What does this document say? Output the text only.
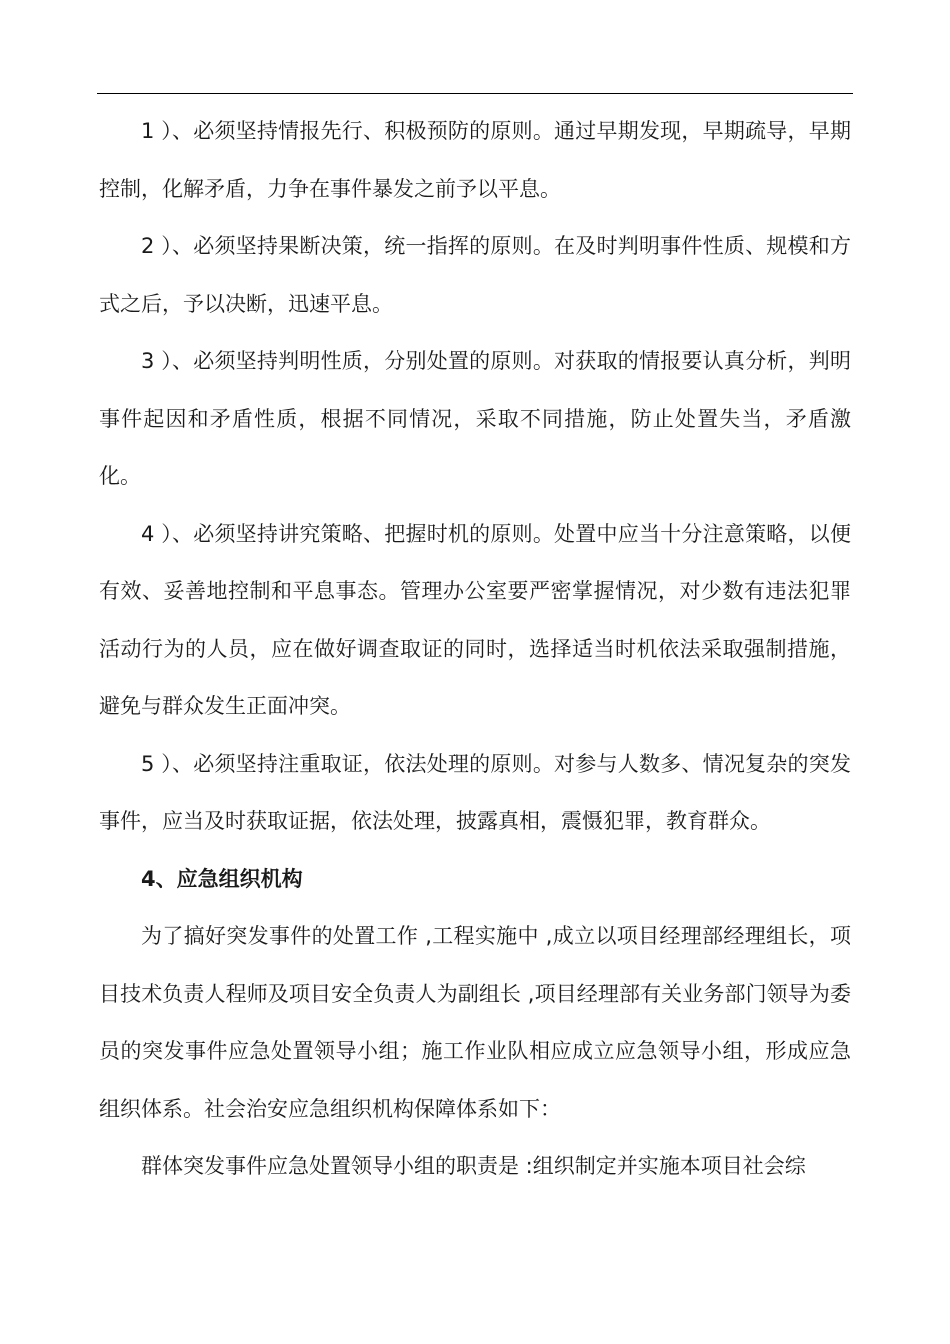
1 ）、必须坚持情报先行、积极预防的原则。通过早期发现，早期疏导，早期控制，化解矛盾，力争在事件暴发之前予以平息。

2 ）、必须坚持果断决策，统一指挥的原则。在及时判明事件性质、规模和方式之后，予以决断，迅速平息。

3 ）、必须坚持判明性质，分别处置的原则。对获取的情报要认真分析，判明事件起因和矛盾性质，根据不同情况，采取不同措施，防止处置失当，矛盾激化。

4 ）、必须坚持讲究策略、把握时机的原则。处置中应当十分注意策略，以便有效、妥善地控制和平息事态。管理办公室要严密掌握情况，对少数有违法犯罪活动行为的人员，应在做好调查取证的同时，选择适当时机依法采取强制措施，避免与群众发生正面冲突。

5 ）、必须坚持注重取证，依法处理的原则。对参与人数多、情况复杂的突发事件，应当及时获取证据，依法处理，披露真相，震慑犯罪，教育群众。

4、应急组织机构

为了搞好突发事件的处置工作 ,工程实施中 ,成立以项目经理部经理组长，项目技术负责人程师及项目安全负责人为副组长 ,项目经理部有关业务部门领导为委员的突发事件应急处置领导小组；施工作业队相应成立应急领导小组，形成应急组织体系。社会治安应急组织机构保障体系如下：

群体突发事件应急处置领导小组的职责是 :组织制定并实施本项目社会综
